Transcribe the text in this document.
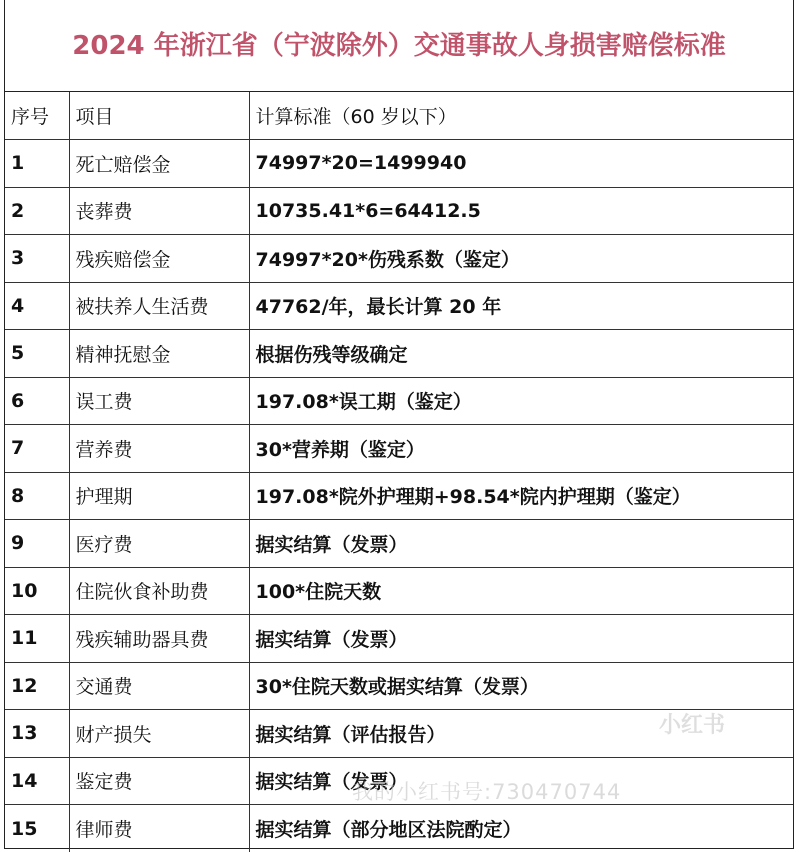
2024 年浙江省（宁波除外）交通事故人身损害赔偿标准
序号	项目	计算标准（60 岁以下）
1	死亡赔偿金	74997*20=1499940
2	丧葬费	10735.41*6=64412.5
3	残疾赔偿金	74997*20*伤残系数（鉴定）
4	被扶养人生活费	47762/年，最长计算 20 年
5	精神抚慰金	根据伤残等级确定
6	误工费	197.08*误工期（鉴定）
7	营养费	30*营养期（鉴定）
8	护理期	197.08*院外护理期+98.54*院内护理期（鉴定）
9	医疗费	据实结算（发票）
10	住院伙食补助费	100*住院天数
11	残疾辅助器具费	据实结算（发票）
12	交通费	30*住院天数或据实结算（发票）
13	财产损失	据实结算（评估报告）
14	鉴定费	据实结算（发票）
15	律师费	据实结算（部分地区法院酌定）
小红书
我的小红书号:730470744
